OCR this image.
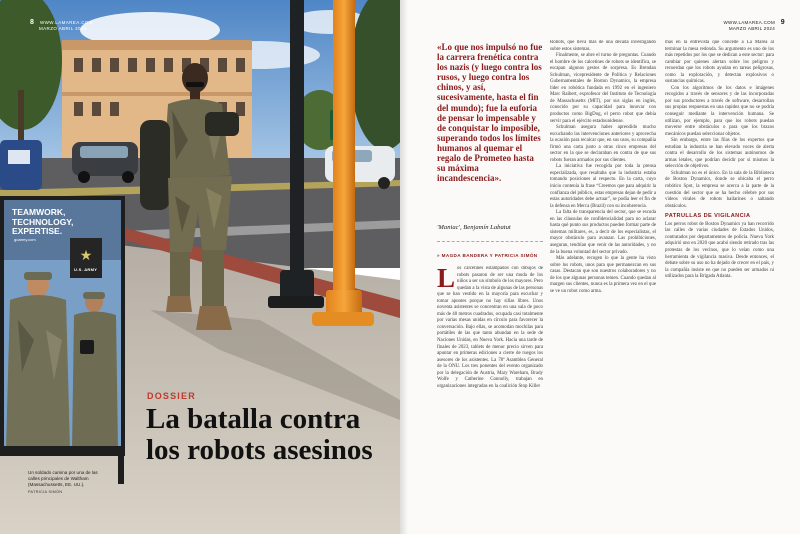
★
8 WWW.LAMAREA.COM
MARZO ABRIL 2024
TEAMWORK, TECHNOLOGY, EXPERTISE.
goarmy.com
U.S. ARMY
DOSSIER
La batalla contra los robots asesinos
Un soldado camina por una de las calles principales de Waltham (Massachussetts, EE. UU.).
PATRICIA SIMÓN
WWW.LAMAREA.COM
MARZO ABRIL 2024
9
«Lo que nos impulsó no fue la carrera frenética contra los nazis (y luego contra los rusos, y luego contra los chinos, y así, sucesivamente, hasta el fin del mundo); fue la euforia de pensar lo impensable y de conquistar lo imposible, superando todos los límites humanos al quemar el regalo de Prometeo hasta su máxima incandescencia».
'Maniac', Benjamín Labatut
» MAGDA BANDERA Y PATRICIA SIMÓN
L os calcetines estampados con dibujos de robots pasaron de ser una moda de los niños a ser un símbolo de los mayores. Pero quedan a la vista de algunas de las personas que se han vestido en la mayoría para escuchar y tomar apuntes porque no hay sillas libres. Unos noventa asistentes se concentran en una sala de poco más de 40 metros cuadrados, ocupada casi totalmente por varias mesas unidas en círculo para favorecer la conversación. Bajo ellas, se acomodan mochilas para portátiles de las que tanto abundan en la sede de Naciones Unidas, en Nueva York. Hacia una tarde de finales de 2023, tablets de menor precio sirven para apuntar en primeras ediciones a cierre de ruegos los asesores de los asistentes. La 78ª Asamblea General de la ONU. Los tres ponentes del evento organizado por la delegación de Austria, Mary Wareham, Brady Wolfe y Catherine Connolly, trabajan en organizaciones integradas en la coalición Stop Killer

Robots, que lleva más de una década investigando sobre estos sistemas.

Finalmente, se abre el turno de preguntas. Cuando el hombre de los calcetines de robots se identifica, se escapan algunos gestos de sorpresa. Es Brendan Schulman, vicepresidente de Política y Relaciones Gubernamentales de Boston Dynamics, la empresa líder en robótica fundada en 1992 en el ingeniero Marc Raibert, exprofesor del Instituto de Tecnología de Massachusetts (MIT), por sus siglas en inglés, conocido por su capacidad para innovar con productos como BigDog, el perro robot que debía servir para el ejército estadounidense.

Schulman asegura haber aprendido mucho escuchando las intervenciones anteriores y aprovecha la ocasión para recalcar que, en sus usos, su compañía firmó una carta junto a otras cinco empresas del sector en la que se declaraban en contra de que sus robots fueran armados por sus clientes.

La iniciativa fue recogida por toda la prensa especializada, que resaltaba que la industria estaba tomando posiciones al respecto. En la carta, cuyo inicio contenía la frase “Creemos que para adquirir la confianza del público, estas empresas dejan de pedir a estas autoridades debe actuar”, se podía leer el fin de la defensa en Merca (Brazil) con su incoherencia.

La falta de transparencia del sector, que se escuda en las cláusulas de confidencialidad para no aclarar hasta qué punto sus productos pueden formar parte de sistemas militares, es, a decir de los especialistas, el mayor obstáculo para avanzar. Las prohibiciones, aseguran, tendrían que venir de las autoridades, y no de la buena voluntad del sector privado.

Más adelante, recogen lo que la gente ha visto sobre los robots, unos para que permanezcan en sus casas. Destacan que son nuestros colaboradores y no de los que algunas personas temen. Cuando quedan al margen sus clientes, nunca es la primera vez en el que se ve un robot como arma.

mas en la entrevista que concede a La Marea al terminar la mesa redonda. Su argumento es uno de los más repetidos por los que se dedican a este sector: para cambiar por quienes alertan sobre los peligros y recuerdan que los robots ayudan en tareas peligrosas, como la exploración, y detectan explosivos o sustancias químicas.

Con los algoritmos de los datos e imágenes recogidos a través de sensores y de las incorporadas por sus productores a través de software, desarrollan sus propias respuestas en una rapidez que no se podría conseguir mediante la intervención humana. Se utilizan, por ejemplo, para que los robots puedan moverse entre obstáculos o para que los brazos mecánicos puedan seleccionar objetos.

Sin embargo, entre las filas de los expertos que estudian la industria se han elevado voces de alerta contra el desarrollo de los sistemas autónomos de armas letales, que podrían decidir por sí mismos la selección de objetivos.

Schulman no es el único. En la sala de la Biblioteca de Boston Dynamics, donde se ubicaba el perro robótico Spot, la empresa se acerca a la parte de la cuestión del sector que se ha hecho célebre por sus vídeos virales de robots bailarines o saltando obstáculos.

PATRULLAS DE VIGILANCIA

Los perros robot de Boston Dynamics ya han recorrido las calles de varias ciudades de Estados Unidos, contratados por departamentos de policía. Nueva York adquirió uno en 2020 que acabó siendo retirado tras las protestas de los vecinos, que lo veían como una herramienta de vigilancia masiva. Desde entonces, el debate sobre su uso no ha dejado de crecer en el país, y la compañía insiste en que no pueden ser armados ni utilizados para la Brigada Atlanta.
